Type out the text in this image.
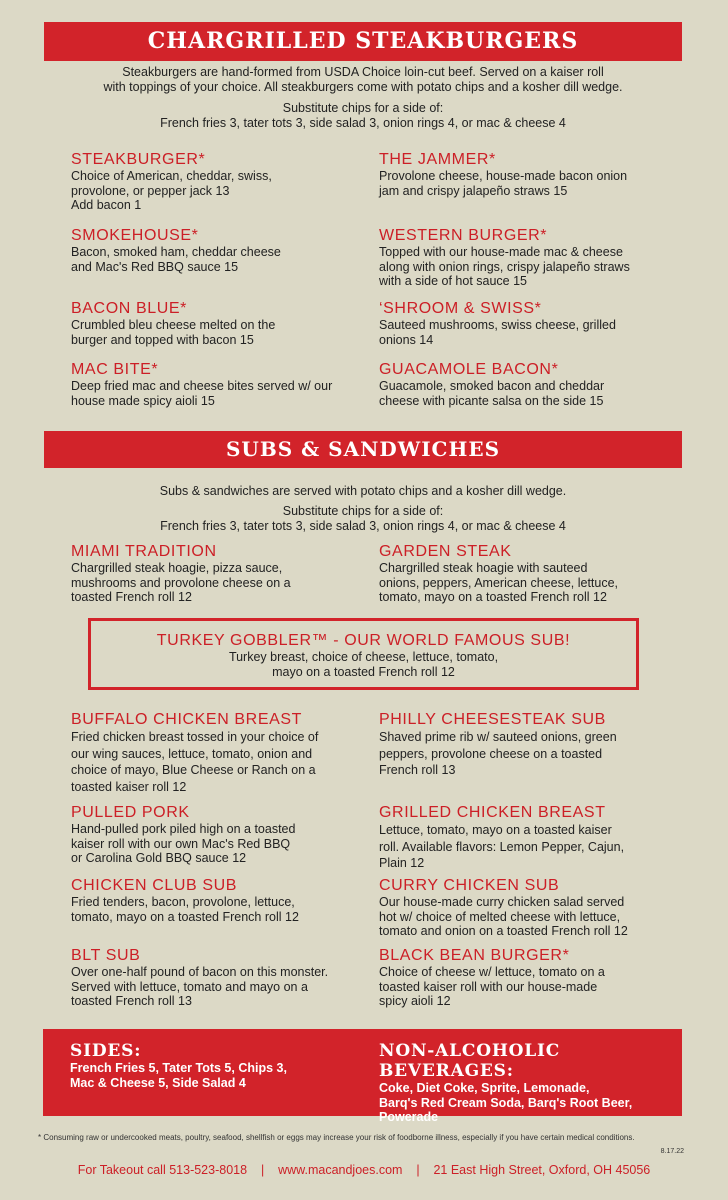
CHARGRILLED STEAKBURGERS
Steakburgers are hand-formed from USDA Choice loin-cut beef. Served on a kaiser roll
with toppings of your choice. All steakburgers come with potato chips and a kosher dill wedge.
Substitute chips for a side of:
French fries 3, tater tots 3, side salad 3, onion rings 4, or mac & cheese 4
STEAKBURGER*
Choice of American, cheddar, swiss,
provolone, or pepper jack 13
Add bacon 1
THE JAMMER*
Provolone cheese, house-made bacon onion
jam and crispy jalapeño straws 15
SMOKEHOUSE*
Bacon, smoked ham, cheddar cheese
and Mac's Red BBQ sauce 15
WESTERN BURGER*
Topped with our house-made mac & cheese
along with onion rings, crispy jalapeño straws
with a side of hot sauce 15
BACON BLUE*
Crumbled bleu cheese melted on the
burger and topped with bacon 15
‘SHROOM & SWISS*
Sauteed mushrooms, swiss cheese, grilled
onions 14
MAC BITE*
Deep fried mac and cheese bites served w/ our
house made spicy aioli 15
GUACAMOLE BACON*
Guacamole, smoked bacon and cheddar
cheese with picante salsa on the side 15
SUBS & SANDWICHES
Subs & sandwiches are served with potato chips and a kosher dill wedge.
Substitute chips for a side of:
French fries 3, tater tots 3, side salad 3, onion rings 4, or mac & cheese 4
MIAMI TRADITION
Chargrilled steak hoagie, pizza sauce,
mushrooms and provolone cheese on a
toasted French roll 12
GARDEN STEAK
Chargrilled steak hoagie with sauteed
onions, peppers, American cheese, lettuce,
tomato, mayo on a toasted French roll 12
TURKEY GOBBLER™ - OUR WORLD FAMOUS SUB!
Turkey breast, choice of cheese, lettuce, tomato,
mayo on a toasted French roll 12
BUFFALO CHICKEN BREAST
Fried chicken breast tossed in your choice of
our wing sauces, lettuce, tomato, onion and
choice of mayo, Blue Cheese or Ranch on a
toasted kaiser roll 12
PHILLY CHEESESTEAK SUB
Shaved prime rib w/ sauteed onions, green
peppers, provolone cheese on a toasted
French roll 13
PULLED PORK
Hand-pulled pork piled high on a toasted
kaiser roll with our own Mac's Red BBQ
or Carolina Gold BBQ sauce 12
GRILLED CHICKEN BREAST
Lettuce, tomato, mayo on a toasted kaiser
roll. Available flavors: Lemon Pepper, Cajun,
Plain 12
CHICKEN CLUB SUB
Fried tenders, bacon, provolone, lettuce,
tomato, mayo on a toasted French roll 12
CURRY CHICKEN SUB
Our house-made curry chicken salad served
hot w/ choice of melted cheese with lettuce,
tomato and onion on a toasted French roll 12
BLT SUB
Over one-half pound of bacon on this monster.
Served with lettuce, tomato and mayo on a
toasted French roll 13
BLACK BEAN BURGER*
Choice of cheese w/ lettuce, tomato on a
toasted kaiser roll with our house-made
spicy aioli 12
SIDES:
French Fries 5, Tater Tots 5, Chips 3,
Mac & Cheese 5, Side Salad 4
NON-ALCOHOLIC BEVERAGES:
Coke, Diet Coke, Sprite, Lemonade,
Barq's Red Cream Soda, Barq's Root Beer,
Powerade
* Consuming raw or undercooked meats, poultry, seafood, shellfish or eggs may increase your risk of foodborne illness, especially if you have certain medical conditions.
8.17.22
For Takeout call 513-523-8018    |    www.macandjoes.com    |    21 East High Street, Oxford, OH 45056
